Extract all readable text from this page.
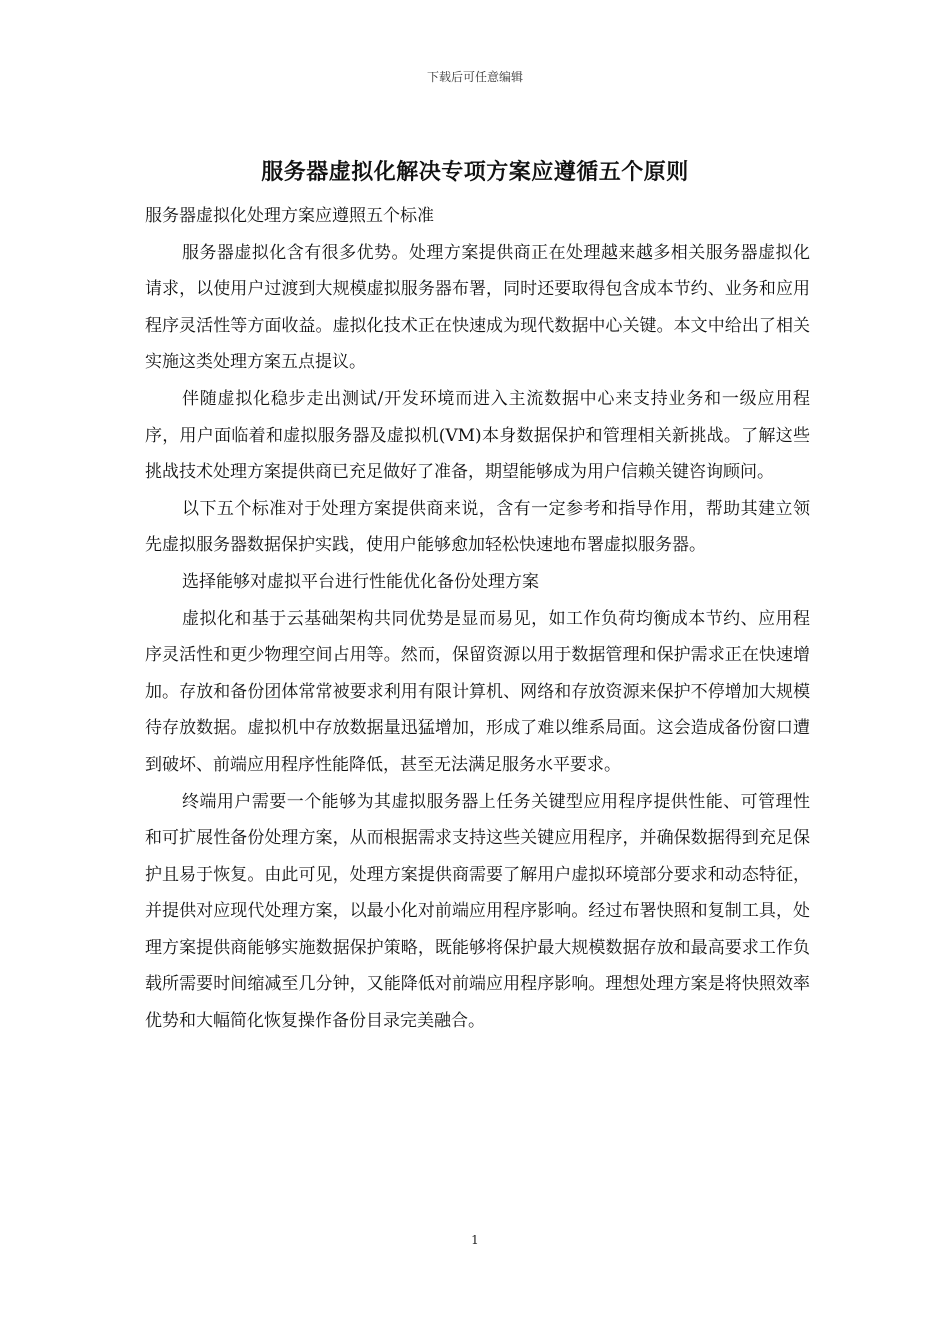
下载后可任意编辑
服务器虚拟化解决专项方案应遵循五个原则

服务器虚拟化处理方案应遵照五个标准

服务器虚拟化含有很多优势。处理方案提供商正在处理越来越多相关服务器虚拟化请求，以使用户过渡到大规模虚拟服务器布署，同时还要取得包含成本节约、业务和应用程序灵活性等方面收益。虚拟化技术正在快速成为现代数据中心关键。本文中给出了相关实施这类处理方案五点提议。

伴随虚拟化稳步走出测试/开发环境而进入主流数据中心来支持业务和一级应用程序，用户面临着和虚拟服务器及虚拟机(VM)本身数据保护和管理相关新挑战。了解这些挑战技术处理方案提供商已充足做好了准备，期望能够成为用户信赖关键咨询顾问。

以下五个标准对于处理方案提供商来说，含有一定参考和指导作用，帮助其建立领先虚拟服务器数据保护实践，使用户能够愈加轻松快速地布署虚拟服务器。

选择能够对虚拟平台进行性能优化备份处理方案

虚拟化和基于云基础架构共同优势是显而易见，如工作负荷均衡成本节约、应用程序灵活性和更少物理空间占用等。然而，保留资源以用于数据管理和保护需求正在快速增加。存放和备份团体常常被要求利用有限计算机、网络和存放资源来保护不停增加大规模待存放数据。虚拟机中存放数据量迅猛增加，形成了难以维系局面。这会造成备份窗口遭到破坏、前端应用程序性能降低，甚至无法满足服务水平要求。

终端用户需要一个能够为其虚拟服务器上任务关键型应用程序提供性能、可管理性和可扩展性备份处理方案，从而根据需求支持这些关键应用程序，并确保数据得到充足保护且易于恢复。由此可见，处理方案提供商需要了解用户虚拟环境部分要求和动态特征，并提供对应现代处理方案，以最小化对前端应用程序影响。经过布署快照和复制工具，处理方案提供商能够实施数据保护策略，既能够将保护最大规模数据存放和最高要求工作负载所需要时间缩减至几分钟，又能降低对前端应用程序影响。理想处理方案是将快照效率优势和大幅简化恢复操作备份目录完美融合。

1
